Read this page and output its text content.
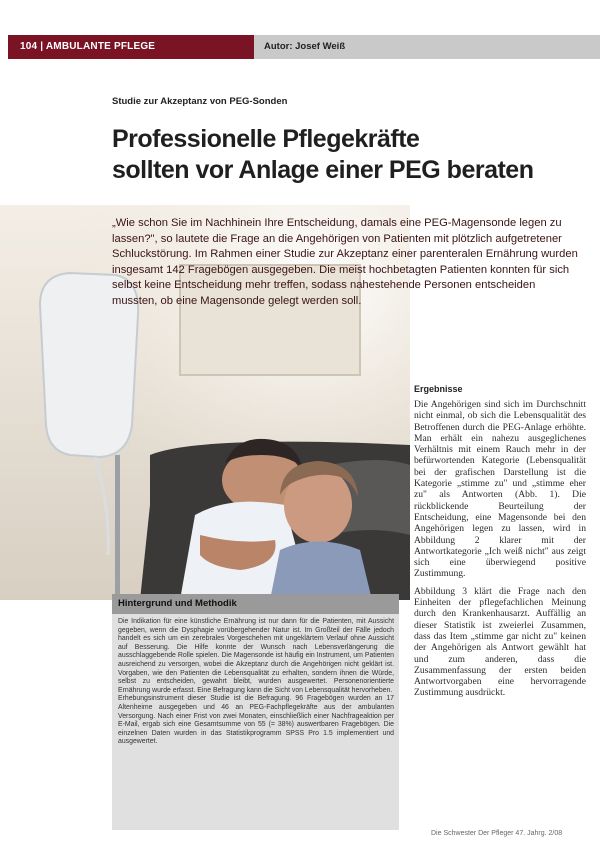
104 | AMBULANTE PFLEGE	Autor: Josef Weiß
Studie zur Akzeptanz von PEG-Sonden
Professionelle Pflegekräfte
sollten vor Anlage einer PEG beraten
„Wie schon Sie im Nachhinein Ihre Entscheidung, damals eine PEG-Magensonde legen zu lassen?", so lautete die Frage an die Angehörigen von Patienten mit plötzlich aufgetretener Schluckstörung. Im Rahmen einer Studie zur Akzeptanz einer parenteralen Ernährung wurden insgesamt 142 Fragebögen ausgegeben. Die meist hochbetagten Patienten konnten für sich selbst keine Entscheidung mehr treffen, sodass nahestehende Personen entscheiden mussten, ob eine Magensonde gelegt werden soll.
Ergebnisse

Die Angehörigen sind sich im Durchschnitt nicht einmal, ob sich die Lebensqualität des Betroffenen durch die PEG-Anlage erhöhte. Man erhält ein nahezu ausgeglichenes Verhältnis mit einem Rauch mehr in der befürwortenden Kategorie (Lebensqualität bei der grafischen Darstellung ist die Kategorie „stimme zu" und „stimme eher zu" als Antworten (Abb. 1). Die rückblickende Beurteilung der Entscheidung, eine Magensonde bei den Angehörigen legen zu lassen, wird in Abbildung 2 klarer mit der Antwortkategorie „Ich weiß nicht" aus zeigt sich eine überwiegend positive Zustimmung.

Abbildung 3 klärt die Frage nach den Einheiten der pflegefachlichen Meinung durch den Krankenhausarzt. Auffällig an dieser Statistik ist zweierlei Zusammen, dass das Item „stimme gar nicht zu" keinen der Angehörigen als Antwort gewählt hat und zum anderen, dass die Zusammenfassung der ersten beiden Antwortvorgaben eine hervorragende Zustimmung ausdrückt.

Hintergrund und Methodik

Die Indikation für eine künstliche Ernährung ist nur dann für die Patienten, mit Aussicht gegeben, wenn die Dysphagie vorübergehender Natur ist. Im Großteil der Fälle jedoch handelt es sich um ein zerebrales Vorgeschehen mit ungeklärtem Verlauf ohne Aussicht auf Besserung. Die Hilfe konnte der Wunsch nach Lebensverlängerung die ausschlaggebende Rolle spielen. Die Magensonde ist häufig ein Instrument, um Patienten ausreichend zu versorgen, wobei die Akzeptanz durch die Angehörigen nicht geklärt ist. Vorgaben, wie den Patienten die Lebensqualität zu erhalten, sondern ihnen die Würde, selbst zu entscheiden, gewahrt bleibt, wurden ausgewertet. Personenorientierte Ernährung wurde erfasst. Eine Befragung kann die Sicht von Lebensqualität hervorheben.

Erhebungsinstrument dieser Studie ist die Befragung. 96 Fragebögen wurden an 17 Altenheime ausgegeben und 46 an PEG-Fachpflegekräfte aus der ambulanten Versorgung. Nach einer Frist von zwei Monaten, einschließlich einer Nachfrageaktion per E-Mail, ergab sich eine Gesamtsumme von 55 (= 38%) auswertbaren Fragebögen. Die einzelnen Daten wurden in das Statistikprogramm SPSS Pro 1.5 implementiert und ausgewertet.

Die Schwester Der Pfleger 47. Jahrg. 2/08
